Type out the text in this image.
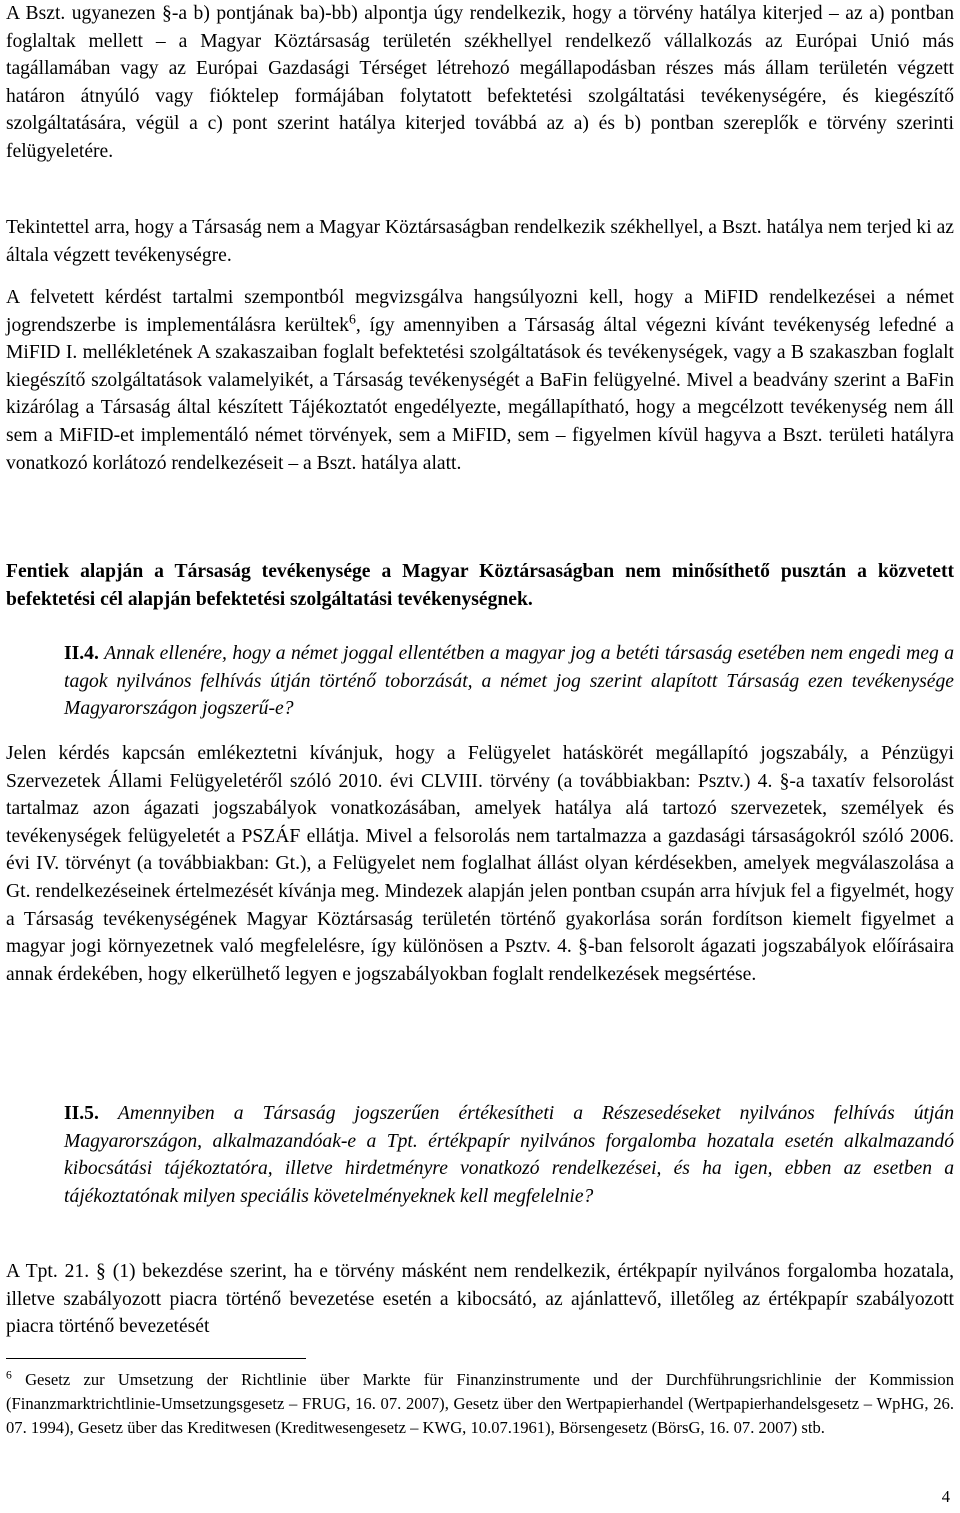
A Bszt. ugyanezen §-a b) pontjának ba)-bb) alpontja úgy rendelkezik, hogy a törvény hatálya kiterjed – az a) pontban foglaltak mellett – a Magyar Köztársaság területén székhellyel rendelkező vállalkozás az Európai Unió más tagállamában vagy az Európai Gazdasági Térséget létrehozó megállapodásban részes más állam területén végzett határon átnyúló vagy fióktelep formájában folytatott befektetési szolgáltatási tevékenységére, és kiegészítő szolgáltatására, végül a c) pont szerint hatálya kiterjed továbbá az a) és b) pontban szereplők e törvény szerinti felügyeletére.

Tekintettel arra, hogy a Társaság nem a Magyar Köztársaságban rendelkezik székhellyel, a Bszt. hatálya nem terjed ki az általa végzett tevékenységre.

A felvetett kérdést tartalmi szempontból megvizsgálva hangsúlyozni kell, hogy a MiFID rendelkezései a német jogrendszerbe is implementálásra kerültek$^6$, így amennyiben a Társaság által végezni kívánt tevékenység lefedné a MiFID I. mellékletének A szakaszaiban foglalt befektetési szolgáltatások és tevékenységek, vagy a B szakaszban foglalt kiegészítő szolgáltatások valamelyikét, a Társaság tevékenységét a BaFin felügyelné. Mivel a beadvány szerint a BaFin kizárólag a Társaság által készített Tájékoztatót engedélyezte, megállapítható, hogy a megcélzott tevékenység nem áll sem a MiFID-et implementáló német törvények, sem a MiFID, sem – figyelmen kívül hagyva a Bszt. területi hatályra vonatkozó korlátozó rendelkezéseit – a Bszt. hatálya alatt.

Fentiek alapján a Társaság tevékenysége a Magyar Köztársaságban nem minősíthető pusztán a közvetett befektetési cél alapján befektetési szolgáltatási tevékenységnek.

II.4. Annak ellenére, hogy a német joggal ellentétben a magyar jog a betéti társaság esetében nem engedi meg a tagok nyilvános felhívás útján történő toborzását, a német jog szerint alapított Társaság ezen tevékenysége Magyarországon jogszerű-e?

Jelen kérdés kapcsán emlékeztetni kívánjuk, hogy a Felügyelet hatáskörét megállapító jogszabály, a Pénzügyi Szervezetek Állami Felügyeletéről szóló 2010. évi CLVIII. törvény (a továbbiakban: Psztv.) 4. §-a taxatív felsorolást tartalmaz azon ágazati jogszabályok vonatkozásában, amelyek hatálya alá tartozó szervezetek, személyek és tevékenységek felügyeletét a PSZÁF ellátja. Mivel a felsorolás nem tartalmazza a gazdasági társaságokról szóló 2006. évi IV. törvényt (a továbbiakban: Gt.), a Felügyelet nem foglalhat állást olyan kérdésekben, amelyek megválaszolása a Gt. rendelkezéseinek értelmezését kívánja meg. Mindezek alapján jelen pontban csupán arra hívjuk fel a figyelmét, hogy a Társaság tevékenységének Magyar Köztársaság területén történő gyakorlása során fordítson kiemelt figyelmet a magyar jogi környezetnek való megfelelésre, így különösen a Psztv. 4. §-ban felsorolt ágazati jogszabályok előírásaira annak érdekében, hogy elkerülhető legyen e jogszabályokban foglalt rendelkezések megsértése.

II.5. Amennyiben a Társaság jogszerűen értékesítheti a Részesedéseket nyilvános felhívás útján Magyarországon, alkalmazandóak-e a Tpt. értékpapír nyilvános forgalomba hozatala esetén alkalmazandó kibocsátási tájékoztatóra, illetve hirdetményre vonatkozó rendelkezései, és ha igen, ebben az esetben a tájékoztatónak milyen speciális követelményeknek kell megfelelnie?

A Tpt. 21. § (1) bekezdése szerint, ha e törvény másként nem rendelkezik, értékpapír nyilvános forgalomba hozatala, illetve szabályozott piacra történő bevezetése esetén a kibocsátó, az ajánlattevő, illetőleg az értékpapír szabályozott piacra történő bevezetését

$^6$ Gesetz zur Umsetzung der Richtlinie über Markte für Finanzinstrumente und der Durchführungsrichlinie der Kommission (Finanzmarktrichtlinie-Umsetzungsgesetz – FRUG, 16. 07. 2007), Gesetz über den Wertpapierhandel (Wertpapierhandelsgesetz – WpHG, 26. 07. 1994), Gesetz über das Kreditwesen (Kreditwesengesetz – KWG, 10.07.1961), Börsengesetz (BörsG, 16. 07. 2007) stb.

4
